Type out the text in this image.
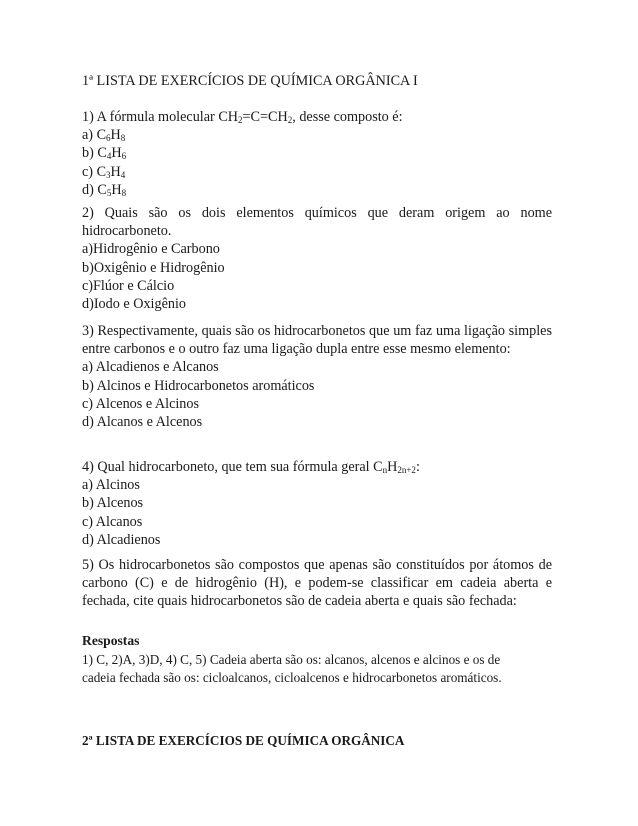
1ª LISTA DE EXERCÍCIOS DE QUÍMICA ORGÂNICA I
1) A fórmula molecular $CH_2=C=CH_2$, desse composto é:
a) $C_6H_8$
b) $C_4H_6$
c) $C_3H_4$
d) $C_5H_8$
2) Quais são os dois elementos químicos que deram origem ao nome hidrocarboneto.
a)Hidrogênio e Carbono
b)Oxigênio e Hidrogênio
c)Flúor e Cálcio
d)Iodo e Oxigênio
3) Respectivamente, quais são os hidrocarbonetos que um faz uma ligação simples entre carbonos e o outro faz uma ligação dupla entre esse mesmo elemento:
a) Alcadienos e Alcanos
b) Alcinos e Hidrocarbonetos aromáticos
c) Alcenos e Alcinos
d) Alcanos e Alcenos
4) Qual hidrocarboneto, que tem sua fórmula geral $C_nH_{2n+2}$:
a) Alcinos
b) Alcenos
c) Alcanos
d) Alcadienos
5) Os hidrocarbonetos são compostos que apenas são constituídos por átomos de carbono (C) e de hidrogênio (H), e podem-se classificar em cadeia aberta e fechada, cite quais hidrocarbonetos são de cadeia aberta e quais são fechada:
Respostas
1) C, 2)A, 3)D, 4) C, 5) Cadeia aberta são os: alcanos, alcenos e alcinos e os de
cadeia fechada são os: cicloalcanos, cicloalcenos e hidrocarbonetos aromáticos.
2ª LISTA DE EXERCÍCIOS DE QUÍMICA ORGÂNICA
